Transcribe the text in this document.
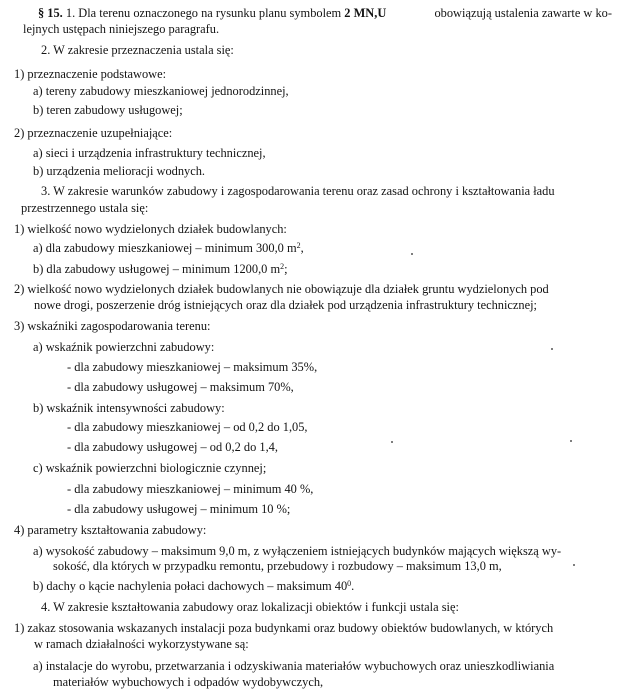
§ 15. 1. Dla terenu oznaczonego na rysunku planu symbolem 2 MN,U	obowiązują ustalenia zawarte w ko-
lejnych ustępach niniejszego paragrafu.
2. W zakresie przeznaczenia ustala się:
1) przeznaczenie podstawowe:
a) tereny zabudowy mieszkaniowej jednorodzinnej,
b) teren zabudowy usługowej;
2) przeznaczenie uzupełniające:
a) sieci i urządzenia infrastruktury technicznej,
b) urządzenia melioracji wodnych.
3. W zakresie warunków zabudowy i zagospodarowania terenu oraz zasad ochrony i kształtowania ładu
przestrzennego ustala się:
1) wielkość nowo wydzielonych działek budowlanych:
a) dla zabudowy mieszkaniowej – minimum 300,0 $m^2$,
b) dla zabudowy usługowej – minimum 1200,0 $m^2$;
2) wielkość nowo wydzielonych działek budowlanych nie obowiązuje dla działek gruntu wydzielonych pod
nowe drogi, poszerzenie dróg istniejących oraz dla działek pod urządzenia infrastruktury technicznej;
3) wskaźniki zagospodarowania terenu:
a) wskaźnik powierzchni zabudowy:
- dla zabudowy mieszkaniowej – maksimum 35%,
- dla zabudowy usługowej – maksimum 70%,
b) wskaźnik intensywności zabudowy:
- dla zabudowy mieszkaniowej – od 0,2 do 1,05,
- dla zabudowy usługowej – od 0,2 do 1,4,
c) wskaźnik powierzchni biologicznie czynnej;
- dla zabudowy mieszkaniowej – minimum 40 %,
- dla zabudowy usługowej – minimum 10 %;
4) parametry kształtowania zabudowy:
a) wysokość zabudowy – maksimum 9,0 m, z wyłączeniem istniejących budynków mających większą wy-
sokość, dla których w przypadku remontu, przebudowy i rozbudowy – maksimum 13,0 m,
b) dachy o kącie nachylenia połaci dachowych – maksimum $40^0$.
4. W zakresie kształtowania zabudowy oraz lokalizacji obiektów i funkcji ustala się:
1) zakaz stosowania wskazanych instalacji poza budynkami oraz budowy obiektów budowlanych, w których
w ramach działalności wykorzystywane są:
a) instalacje do wyrobu, przetwarzania i odzyskiwania materiałów wybuchowych oraz unieszkodliwiania
materiałów wybuchowych i odpadów wydobywczych,
